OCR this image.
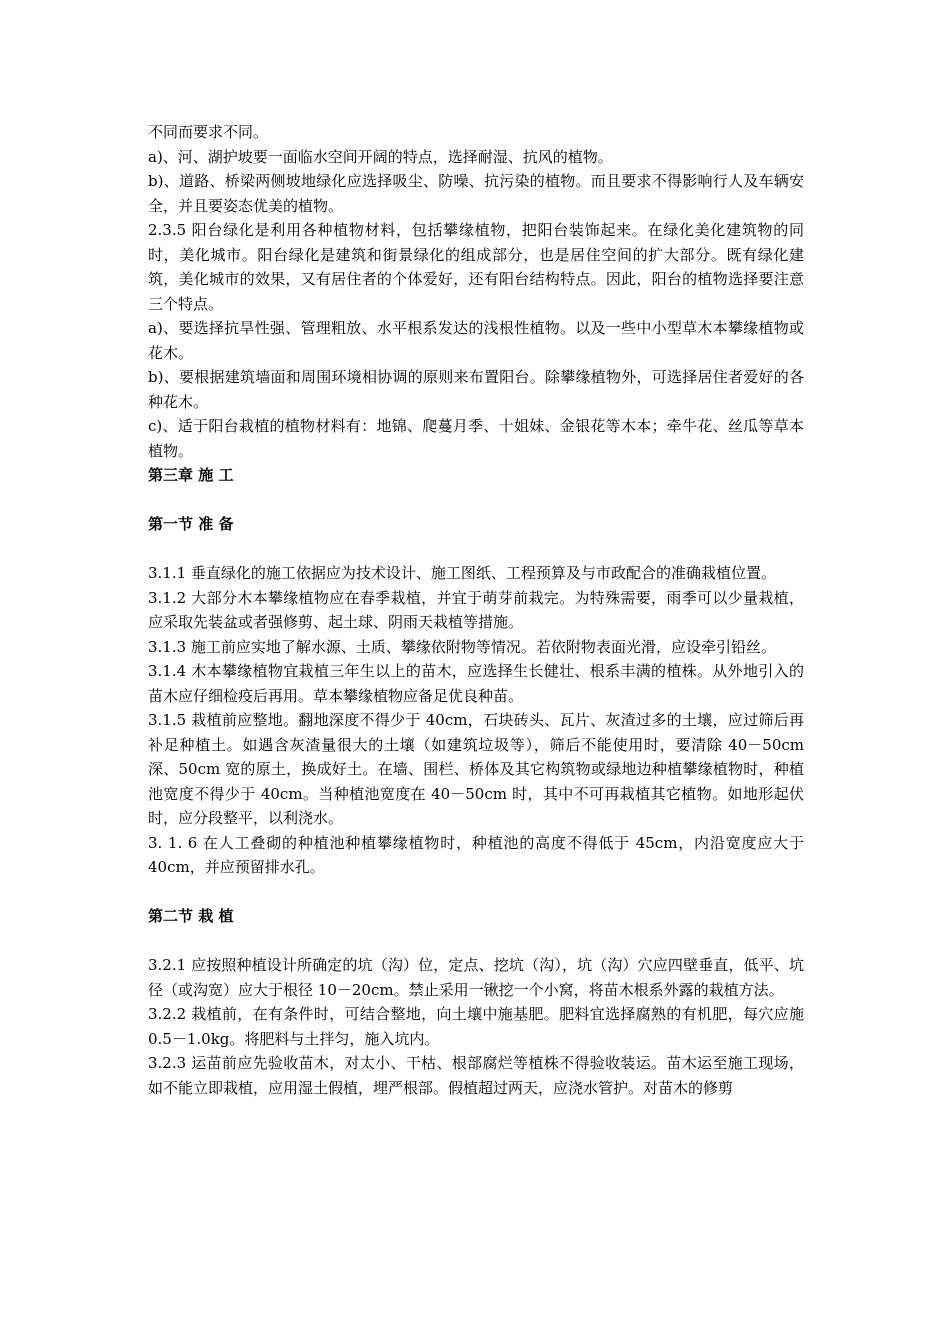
不同而要求不同。

a)、河、湖护坡要一面临水空间开阔的特点，选择耐湿、抗风的植物。

b)、道路、桥梁两侧坡地绿化应选择吸尘、防噪、抗污染的植物。而且要求不得影响行人及车辆安全，并且要姿态优美的植物。

2.3.5 阳台绿化是利用各种植物材料，包括攀缘植物，把阳台装饰起来。在绿化美化建筑物的同时，美化城市。阳台绿化是建筑和街景绿化的组成部分，也是居住空间的扩大部分。既有绿化建筑，美化城市的效果，又有居住者的个体爱好，还有阳台结构特点。因此，阳台的植物选择要注意三个特点。

a)、要选择抗旱性强、管理粗放、水平根系发达的浅根性植物。以及一些中小型草木本攀缘植物或花木。

b)、要根据建筑墙面和周围环境相协调的原则来布置阳台。除攀缘植物外，可选择居住者爱好的各种花木。

c)、适于阳台栽植的植物材料有：地锦、爬蔓月季、十姐妹、金银花等木本；牵牛花、丝瓜等草本植物。

第三章 施 工
第一节 准 备

3.1.1 垂直绿化的施工依据应为技术设计、施工图纸、工程预算及与市政配合的准确栽植位置。

3.1.2 大部分木本攀缘植物应在春季栽植，并宜于萌芽前栽完。为特殊需要，雨季可以少量栽植，应采取先装盆或者强修剪、起土球、阴雨天栽植等措施。

3.1.3 施工前应实地了解水源、土质、攀缘依附物等情况。若依附物表面光滑，应设牵引铅丝。

3.1.4 木本攀缘植物宜栽植三年生以上的苗木，应选择生长健壮、根系丰满的植株。从外地引入的苗木应仔细检疫后再用。草本攀缘植物应备足优良种苗。

3.1.5 栽植前应整地。翻地深度不得少于 40cm，石块砖头、瓦片、灰渣过多的土壤，应过筛后再补足种植土。如遇含灰渣量很大的土壤（如建筑垃圾等），筛后不能使用时，要清除 40－50cm 深、50cm 宽的原土，换成好土。在墙、围栏、桥体及其它构筑物或绿地边种植攀缘植物时，种植池宽度不得少于 40cm。当种植池宽度在 40－50cm 时，其中不可再栽植其它植物。如地形起伏时，应分段整平，以利浇水。

3. 1. 6 在人工叠砌的种植池种植攀缘植物时，种植池的高度不得低于 45cm，内沿宽度应大于 40cm，并应预留排水孔。

第二节 栽 植

3.2.1 应按照种植设计所确定的坑（沟）位，定点、挖坑（沟），坑（沟）穴应四壁垂直，低平、坑径（或沟宽）应大于根径 10－20cm。禁止采用一锹挖一个小窝，将苗木根系外露的栽植方法。

3.2.2 栽植前，在有条件时，可结合整地，向土壤中施基肥。肥料宜选择腐熟的有机肥，每穴应施 0.5－1.0kg。将肥料与土拌匀，施入坑内。

3.2.3 运苗前应先验收苗木，对太小、干枯、根部腐烂等植株不得验收装运。苗木运至施工现场，如不能立即栽植，应用湿土假植，埋严根部。假植超过两天，应浇水管护。对苗木的修剪
